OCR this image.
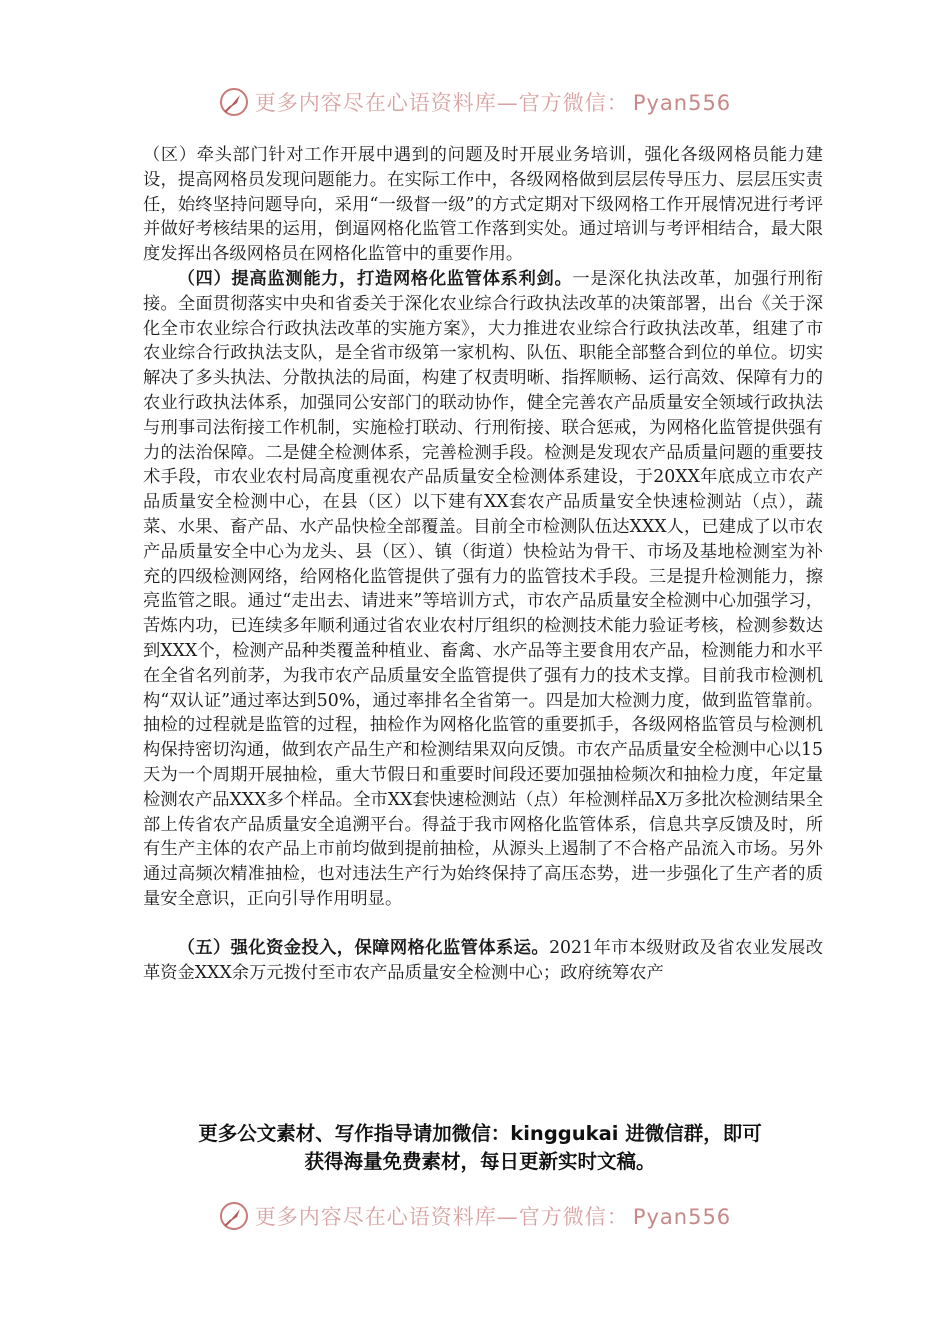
更多内容尽在心语资料库—官方微信： Pyan556

（区）牵头部门针对工作开展中遇到的问题及时开展业务培训，强化各级网格员能力建设，提高网格员发现问题能力。在实际工作中，各级网格做到层层传导压力、层层压实责任，始终坚持问题导向，采用“一级督一级”的方式定期对下级网格工作开展情况进行考评并做好考核结果的运用，倒逼网格化监管工作落到实处。通过培训与考评相结合，最大限度发挥出各级网格员在网格化监管中的重要作用。

（四）提高监测能力，打造网格化监管体系利剑。一是深化执法改革，加强行刑衔接。全面贯彻落实中央和省委关于深化农业综合行政执法改革的决策部署，出台《关于深化全市农业综合行政执法改革的实施方案》，大力推进农业综合行政执法改革，组建了市农业综合行政执法支队，是全省市级第一家机构、队伍、职能全部整合到位的单位。切实解决了多头执法、分散执法的局面，构建了权责明晰、指挥顺畅、运行高效、保障有力的农业行政执法体系，加强同公安部门的联动协作，健全完善农产品质量安全领域行政执法与刑事司法衔接工作机制，实施检打联动、行刑衔接、联合惩戒，为网格化监管提供强有力的法治保障。二是健全检测体系，完善检测手段。检测是发现农产品质量问题的重要技术手段，市农业农村局高度重视农产品质量安全检测体系建设，于20XX年底成立市农产品质量安全检测中心，在县（区）以下建有XX套农产品质量安全快速检测站（点），蔬菜、水果、畜产品、水产品快检全部覆盖。目前全市检测队伍达XXX人，已建成了以市农产品质量安全中心为龙头、县（区）、镇（街道）快检站为骨干、市场及基地检测室为补充的四级检测网络，给网格化监管提供了强有力的监管技术手段。三是提升检测能力，擦亮监管之眼。通过“走出去、请进来”等培训方式，市农产品质量安全检测中心加强学习，苦炼内功，已连续多年顺利通过省农业农村厅组织的检测技术能力验证考核，检测参数达到XXX个，检测产品种类覆盖种植业、畜禽、水产品等主要食用农产品，检测能力和水平在全省名列前茅，为我市农产品质量安全监管提供了强有力的技术支撑。目前我市检测机构“双认证”通过率达到50%，通过率排名全省第一。四是加大检测力度，做到监管靠前。抽检的过程就是监管的过程，抽检作为网格化监管的重要抓手，各级网格监管员与检测机构保持密切沟通，做到农产品生产和检测结果双向反馈。市农产品质量安全检测中心以15天为一个周期开展抽检，重大节假日和重要时间段还要加强抽检频次和抽检力度，年定量检测农产品XXX多个样品。全市XX套快速检测站（点）年检测样品X万多批次检测结果全部上传省农产品质量安全追溯平台。得益于我市网格化监管体系，信息共享反馈及时，所有生产主体的农产品上市前均做到提前抽检，从源头上遏制了不合格产品流入市场。另外通过高频次精准抽检，也对违法生产行为始终保持了高压态势，进一步强化了生产者的质量安全意识，正向引导作用明显。

（五）强化资金投入，保障网格化监管体系运。2021年市本级财政及省农业发展改革资金XXX余万元拨付至市农产品质量安全检测中心；政府统筹农产

更多公文素材、写作指导请加微信：kinggukai 进微信群，即可
获得海量免费素材，每日更新实时文稿。
更多内容尽在心语资料库—官方微信： Pyan556
